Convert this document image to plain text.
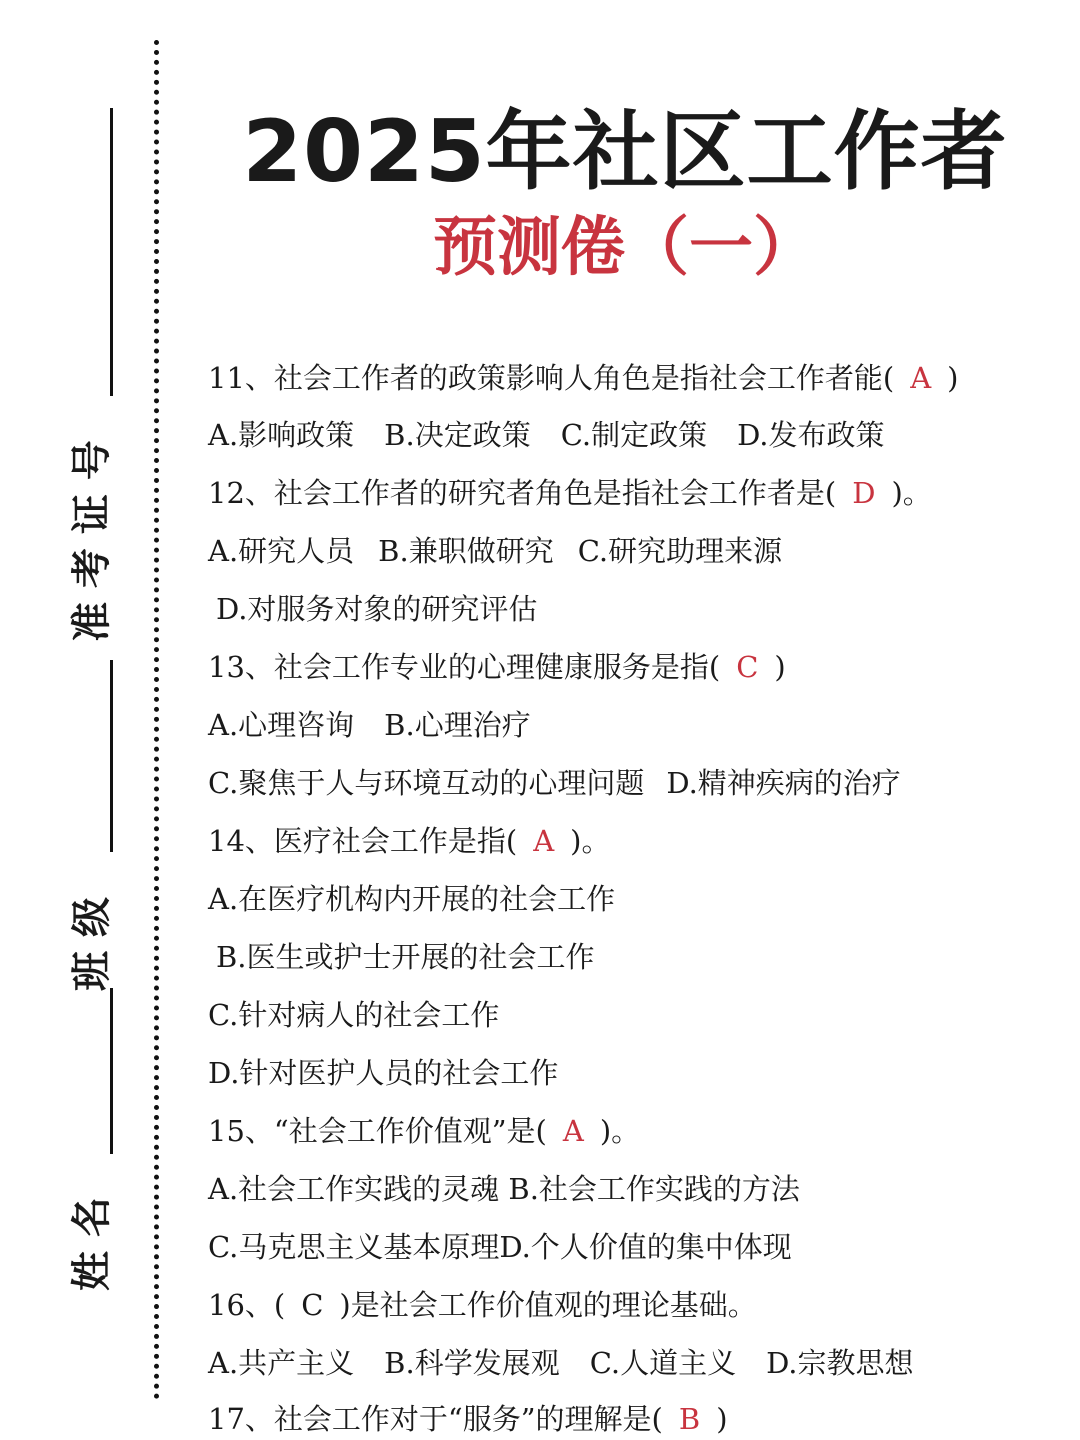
准 考 证 号
班 级
姓 名
2025年社区工作者
预测倦（一）
11、社会工作者的政策影响人角色是指社会工作者能( A )
A.影响政策 B.决定政策 C.制定政策 D.发布政策
12、社会工作者的研究者角色是指社会工作者是( D )。
A.研究人员 B.兼职做研究 C.研究助理来源
D.对服务对象的研究评估
13、社会工作专业的心理健康服务是指( C )
A.心理咨询 B.心理治疗
C.聚焦于人与环境互动的心理问题 D.精神疾病的治疗
14、医疗社会工作是指( A )。
A.在医疗机构内开展的社会工作
B.医生或护士开展的社会工作
C.针对病人的社会工作
D.针对医护人员的社会工作
15、“社会工作价值观”是( A )。
A.社会工作实践的灵魂 B.社会工作实践的方法
C.马克思主义基本原理D.个人价值的集中体现
16、( C )是社会工作价值观的理论基础。
A.共产主义 B.科学发展观 C.人道主义 D.宗教思想
17、社会工作对于“服务”的理解是( B )
